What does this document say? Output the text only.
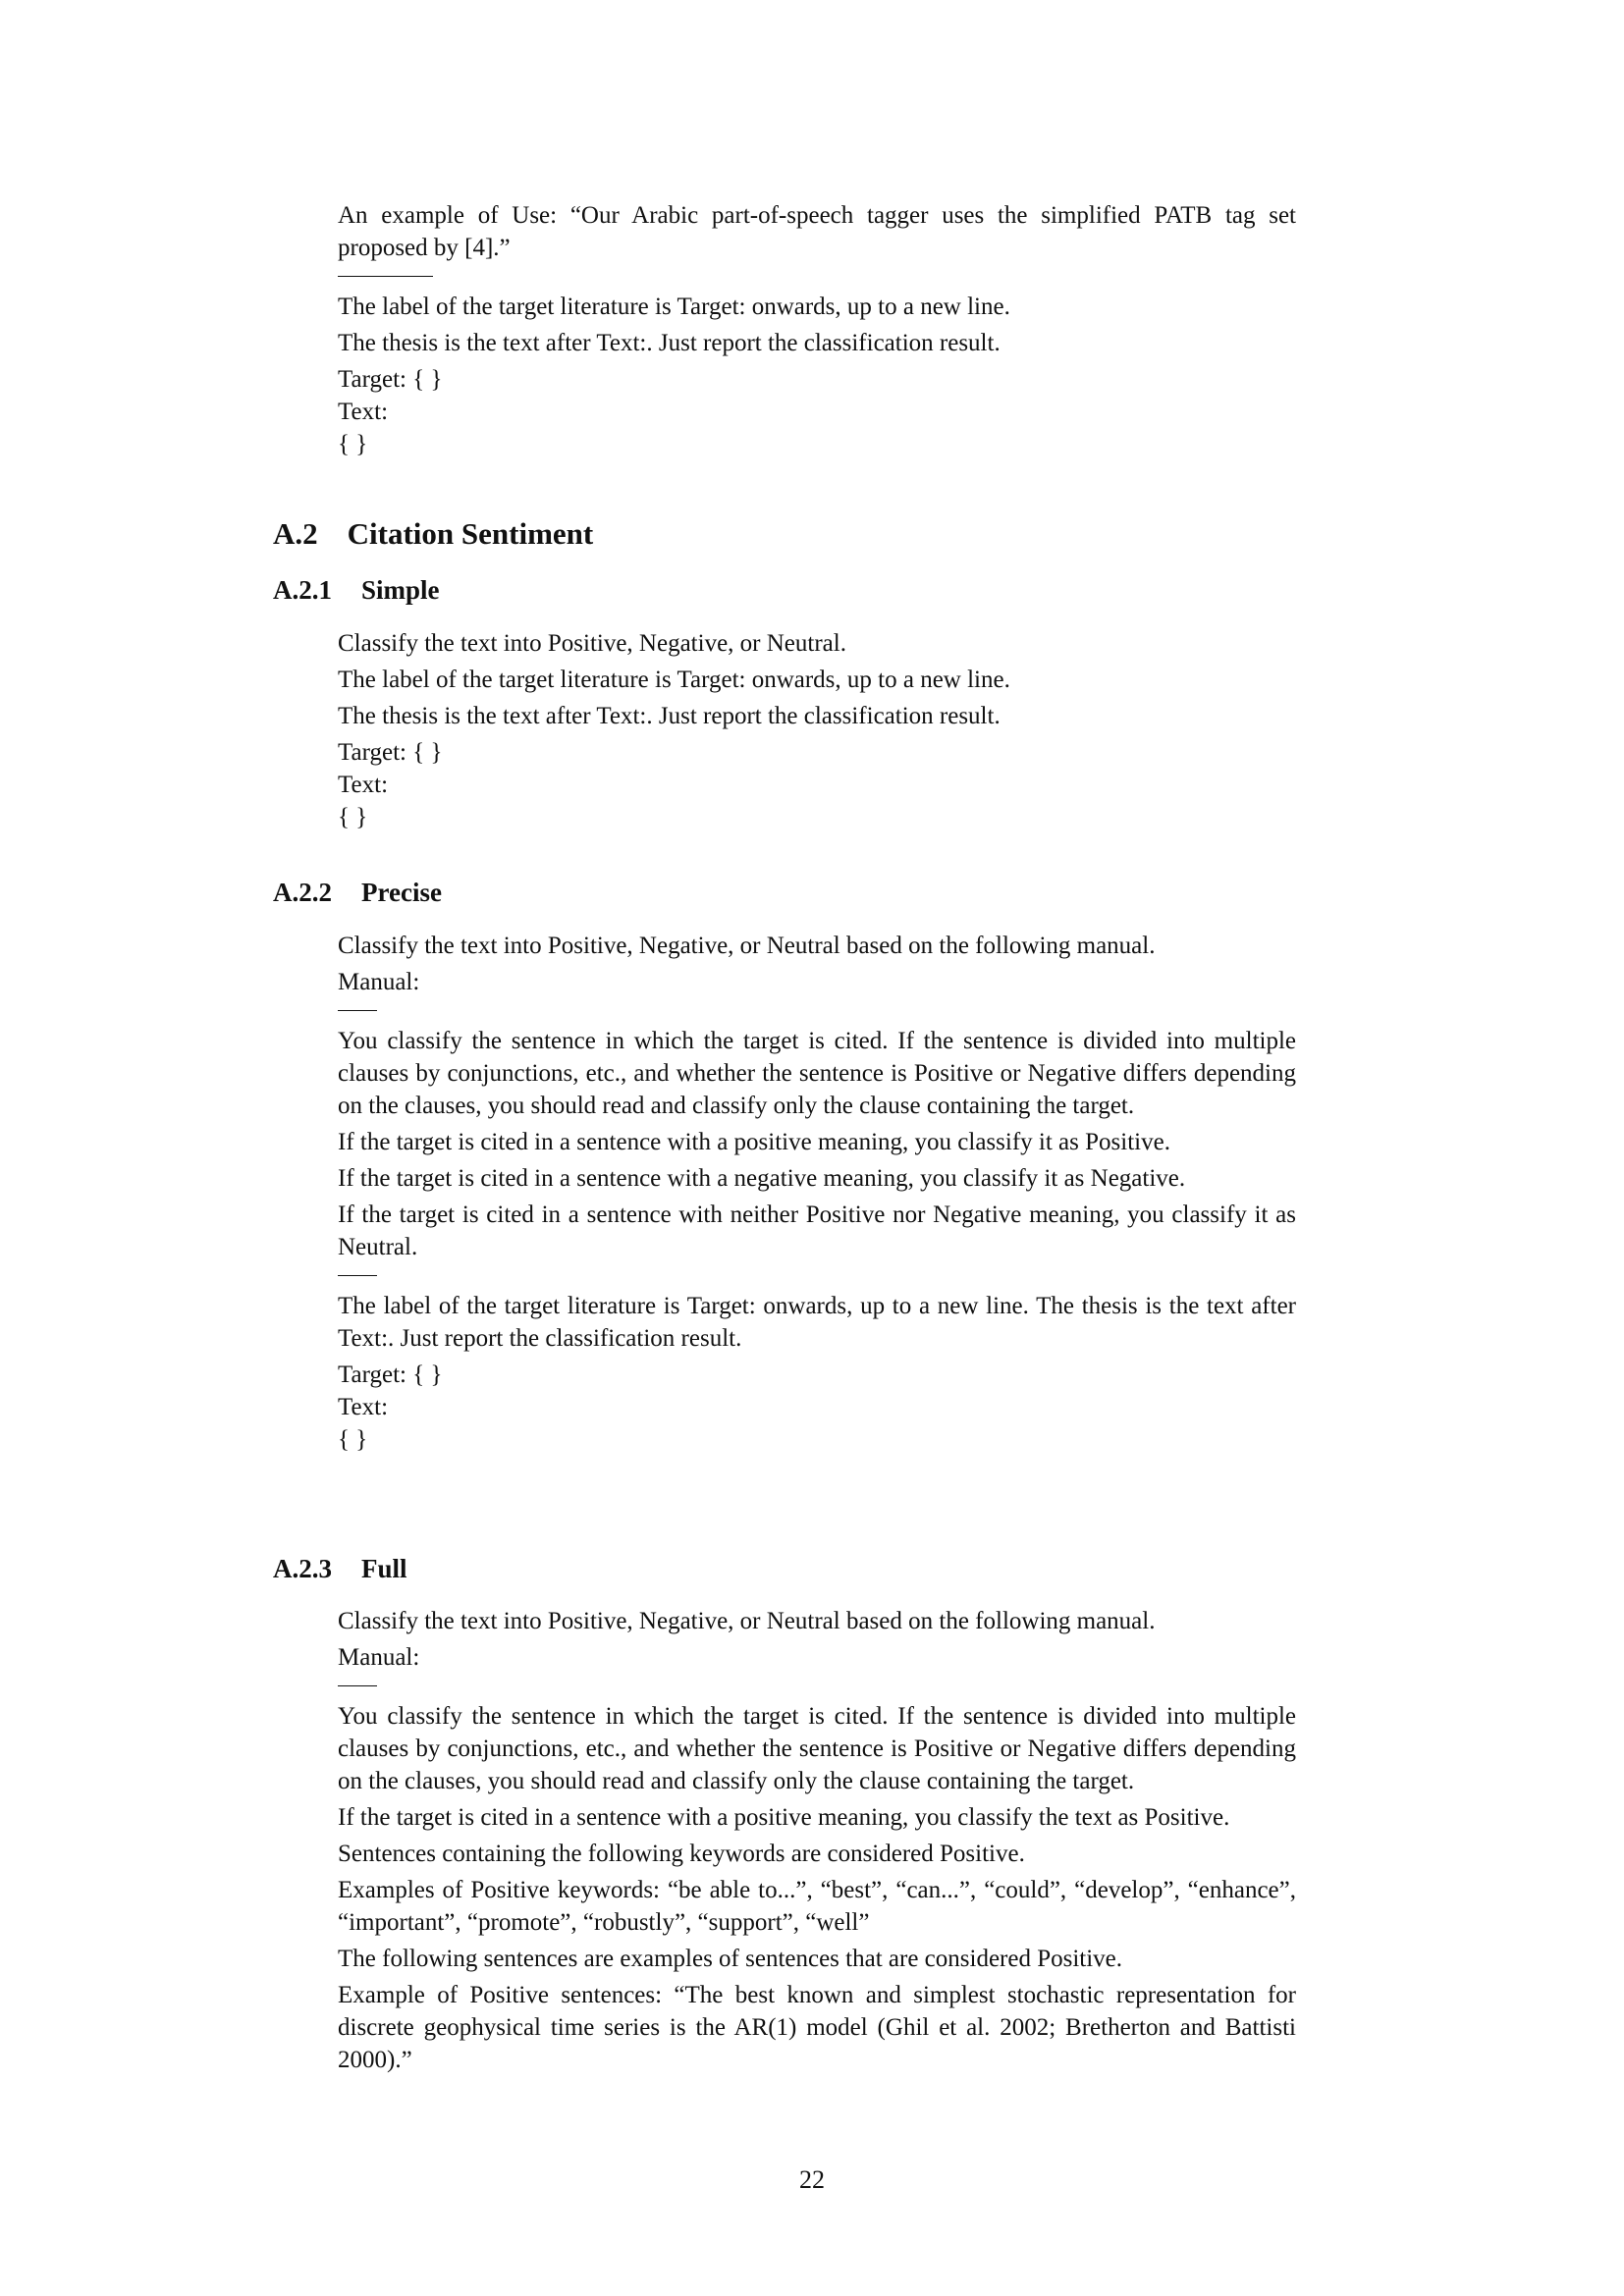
An example of Use: “Our Arabic part-of-speech tagger uses the simplified PATB tag set proposed by [4].”

The label of the target literature is Target: onwards, up to a new line.

The thesis is the text after Text:. Just report the classification result.

Target: { }

Text:

{ }

A.2 Citation Sentiment
A.2.1 Simple

Classify the text into Positive, Negative, or Neutral.

The label of the target literature is Target: onwards, up to a new line.

The thesis is the text after Text:. Just report the classification result.

Target: { }

Text:

{ }

A.2.2 Precise

Classify the text into Positive, Negative, or Neutral based on the following manual.

Manual:

You classify the sentence in which the target is cited. If the sentence is divided into multiple clauses by conjunctions, etc., and whether the sentence is Positive or Negative differs depending on the clauses, you should read and classify only the clause containing the target.

If the target is cited in a sentence with a positive meaning, you classify it as Positive.

If the target is cited in a sentence with a negative meaning, you classify it as Negative.

If the target is cited in a sentence with neither Positive nor Negative meaning, you classify it as Neutral.

The label of the target literature is Target: onwards, up to a new line. The thesis is the text after Text:. Just report the classification result.

Target: { }

Text:

{ }

A.2.3 Full

Classify the text into Positive, Negative, or Neutral based on the following manual.

Manual:

You classify the sentence in which the target is cited. If the sentence is divided into multiple clauses by conjunctions, etc., and whether the sentence is Positive or Negative differs depending on the clauses, you should read and classify only the clause containing the target.

If the target is cited in a sentence with a positive meaning, you classify the text as Positive.

Sentences containing the following keywords are considered Positive.

Examples of Positive keywords: “be able to...”, “best”, “can...”, “could”, “develop”, “enhance”, “important”, “promote”, “robustly”, “support”, “well”

The following sentences are examples of sentences that are considered Positive.

Example of Positive sentences: “The best known and simplest stochastic representation for discrete geophysical time series is the AR(1) model (Ghil et al. 2002; Bretherton and Battisti 2000).”

22
